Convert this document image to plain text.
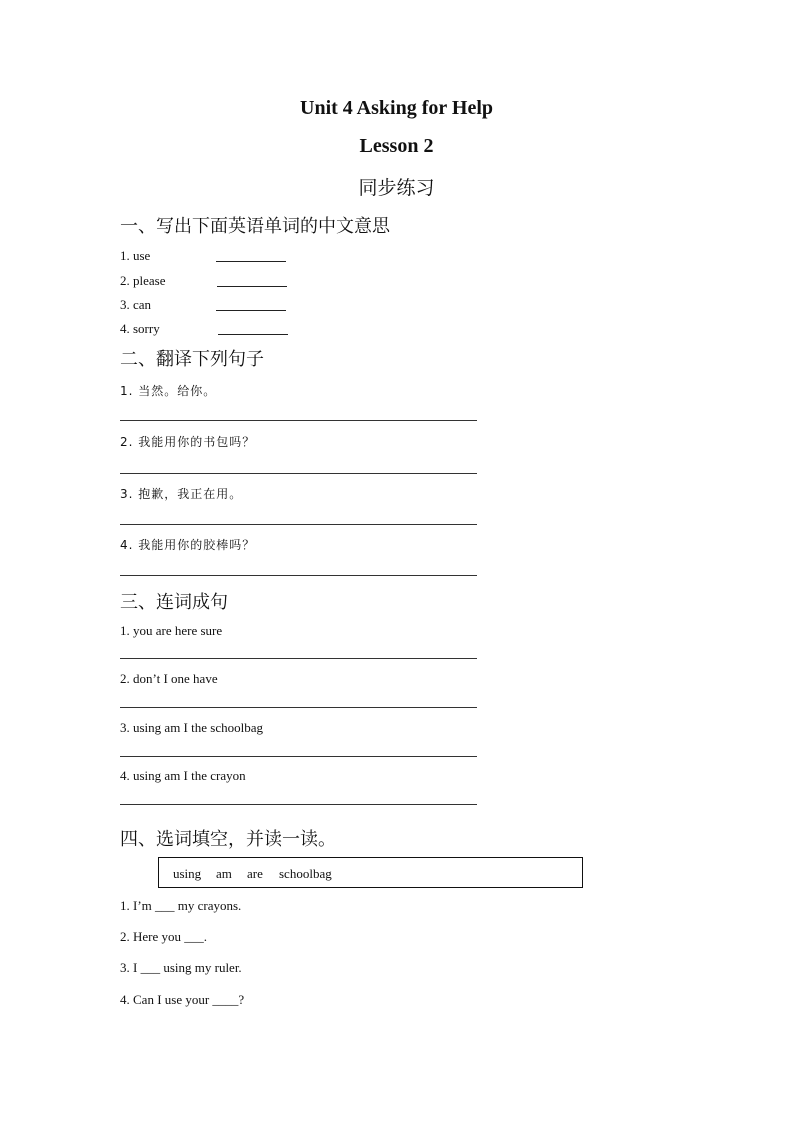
Unit 4 Asking for Help
Lesson 2
同步练习
一、写出下面英语单词的中文意思
1. use
2. please
3. can
4. sorry
二、翻译下列句子
1. 当然。给你。
2. 我能用你的书包吗？
3. 抱歉，我正在用。
4. 我能用你的胶棒吗？
三、连词成句
1. you are here sure
2. don’t I one have
3. using am I the schoolbag
4. using am I the crayon
四、选词填空，并读一读。
using am are schoolbag
1. I’m ___ my crayons.
2. Here you ___.
3. I ___ using my ruler.
4. Can I use your ____?
